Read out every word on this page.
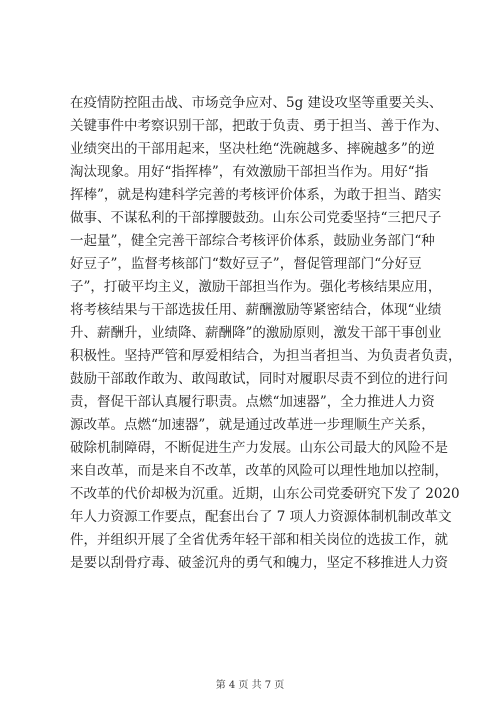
在疫情防控阻击战、市场竞争应对、5g 建设攻坚等重要关头、
关键事件中考察识别干部，把敢于负责、勇于担当、善于作为、
业绩突出的干部用起来，坚决杜绝“洗碗越多、摔碗越多”的逆
淘汰现象。用好“指挥棒”，有效激励干部担当作为。用好“指
挥棒”，就是构建科学完善的考核评价体系，为敢于担当、踏实
做事、不谋私利的干部撑腰鼓劲。山东公司党委坚持“三把尺子
一起量”，健全完善干部综合考核评价体系，鼓励业务部门“种
好豆子”，监督考核部门“数好豆子”，督促管理部门“分好豆
子”，打破平均主义，激励干部担当作为。强化考核结果应用，
将考核结果与干部选拔任用、薪酬激励等紧密结合，体现“业绩
升、薪酬升，业绩降、薪酬降”的激励原则，激发干部干事创业
积极性。坚持严管和厚爱相结合，为担当者担当、为负责者负责，
鼓励干部敢作敢为、敢闯敢试，同时对履职尽责不到位的进行问
责，督促干部认真履行职责。点燃“加速器”，全力推进人力资
源改革。点燃“加速器”，就是通过改革进一步理顺生产关系，
破除机制障碍，不断促进生产力发展。山东公司最大的风险不是
来自改革，而是来自不改革，改革的风险可以理性地加以控制，
不改革的代价却极为沉重。近期，山东公司党委研究下发了 2020
年人力资源工作要点，配套出台了 7 项人力资源体制机制改革文
件，并组织开展了全省优秀年轻干部和相关岗位的选拔工作，就
是要以刮骨疗毒、破釜沉舟的勇气和魄力，坚定不移推进人力资
第 4 页 共 7 页
